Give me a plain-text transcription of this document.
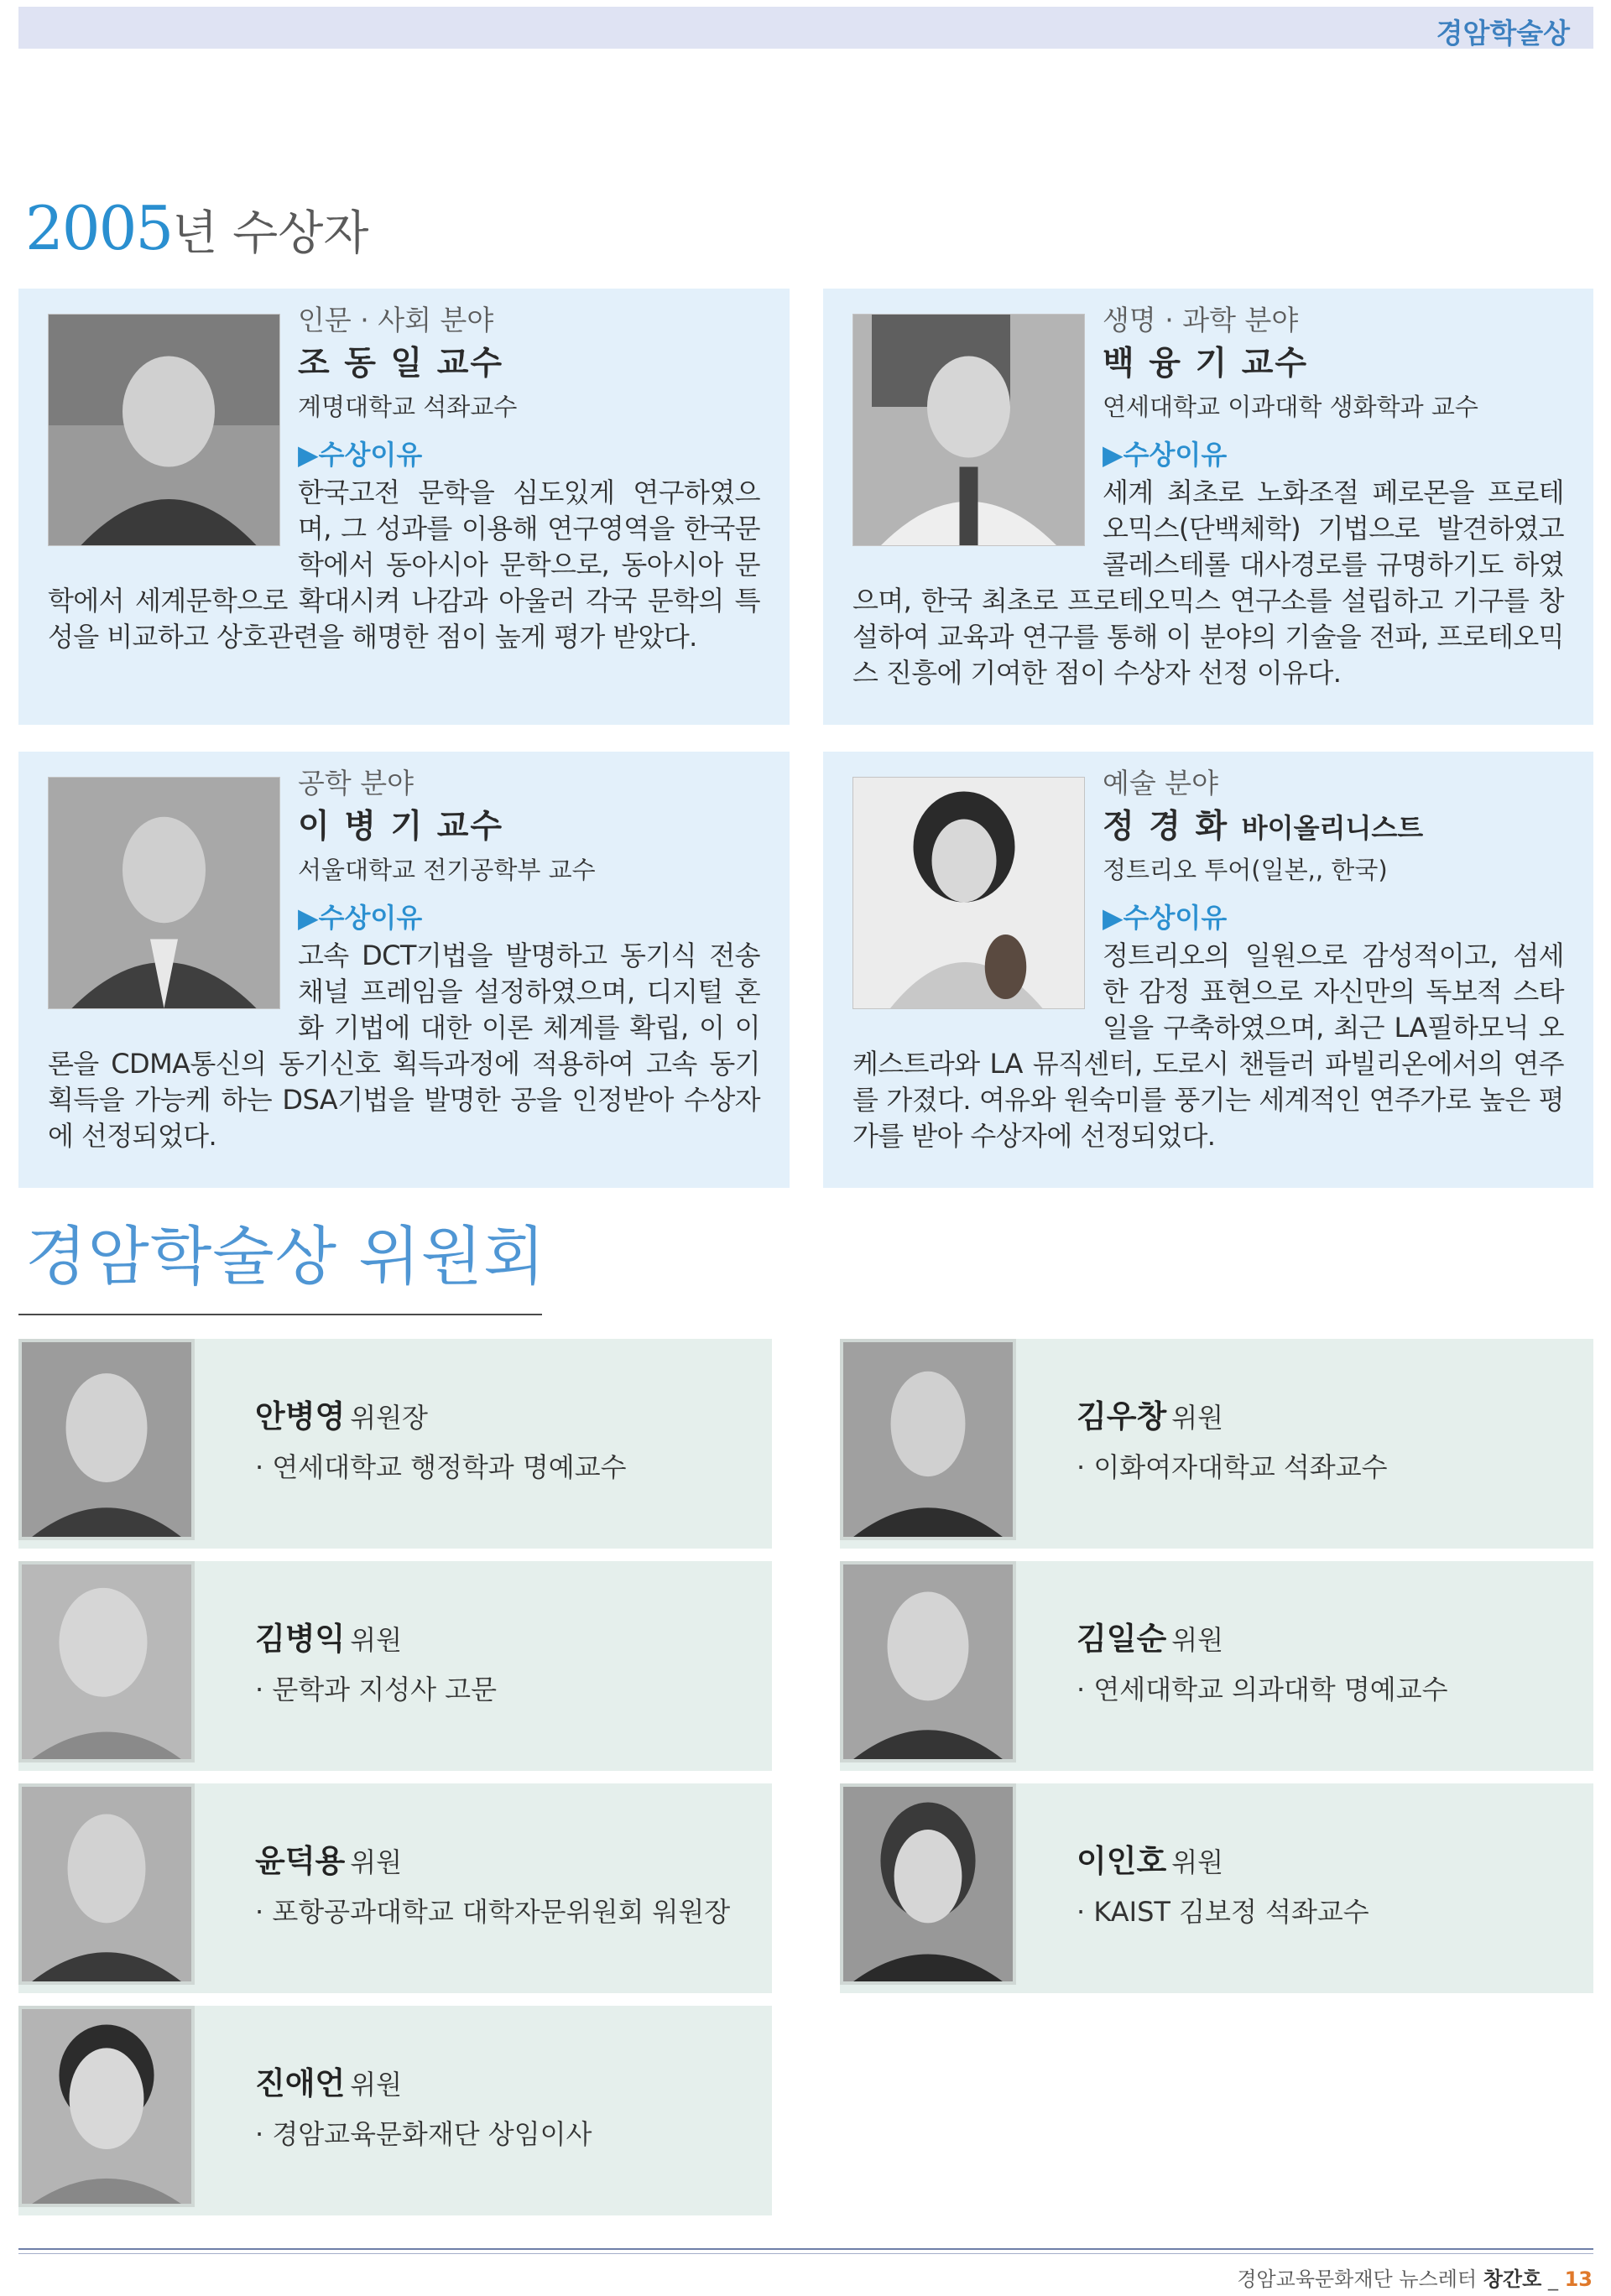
경암학술상
2005년 수상자
인문 · 사회 분야
조 동 일 교수
계명대학교 석좌교수
▶수상이유
한국고전 문학을 심도있게 연구하였으며, 그 성과를 이용해 연구영역을 한국문학에서 동아시아 문학으로, 동아시아 문학에서 세계문학으로 확대시켜 나감과 아울러 각국 문학의 특성을 비교하고 상호관련을 해명한 점이 높게 평가 받았다.
생명 · 과학 분야
백 융 기 교수
연세대학교 이과대학 생화학과 교수
▶수상이유
세계 최초로 노화조절 페로몬을 프로테오믹스(단백체학) 기법으로 발견하였고 콜레스테롤 대사경로를 규명하기도 하였으며, 한국 최초로 프로테오믹스 연구소를 설립하고 기구를 창설하여 교육과 연구를 통해 이 분야의 기술을 전파, 프로테오믹스 진흥에 기여한 점이 수상자 선정 이유다.
공학 분야
이 병 기 교수
서울대학교 전기공학부 교수
▶수상이유
고속 DCT기법을 발명하고 동기식 전송채널 프레임을 설정하였으며, 디지털 혼화 기법에 대한 이론 체계를 확립, 이 이론을 CDMA통신의 동기신호 획득과정에 적용하여 고속 동기 획득을 가능케 하는 DSA기법을 발명한 공을 인정받아 수상자에 선정되었다.
예술 분야
정 경 화 바이올리니스트
정트리오 투어(일본,, 한국)
▶수상이유
정트리오의 일원으로 감성적이고, 섬세한 감정 표현으로 자신만의 독보적 스타일을 구축하였으며, 최근 LA필하모닉 오케스트라와 LA 뮤직센터, 도로시 챈들러 파빌리온에서의 연주를 가졌다. 여유와 원숙미를 풍기는 세계적인 연주가로 높은 평가를 받아 수상자에 선정되었다.
경암학술상 위원회
안병영 위원장
· 연세대학교 행정학과 명예교수
김우창 위원
· 이화여자대학교 석좌교수
김병익 위원
· 문학과 지성사 고문
김일순 위원
· 연세대학교 의과대학 명예교수
윤덕용 위원
· 포항공과대학교 대학자문위원회 워원장
이인호 위원
· KAIST 김보정 석좌교수
진애언 위원
· 경암교육문화재단 상임이사
경암교육문화재단 뉴스레터 창간호 _ 13
